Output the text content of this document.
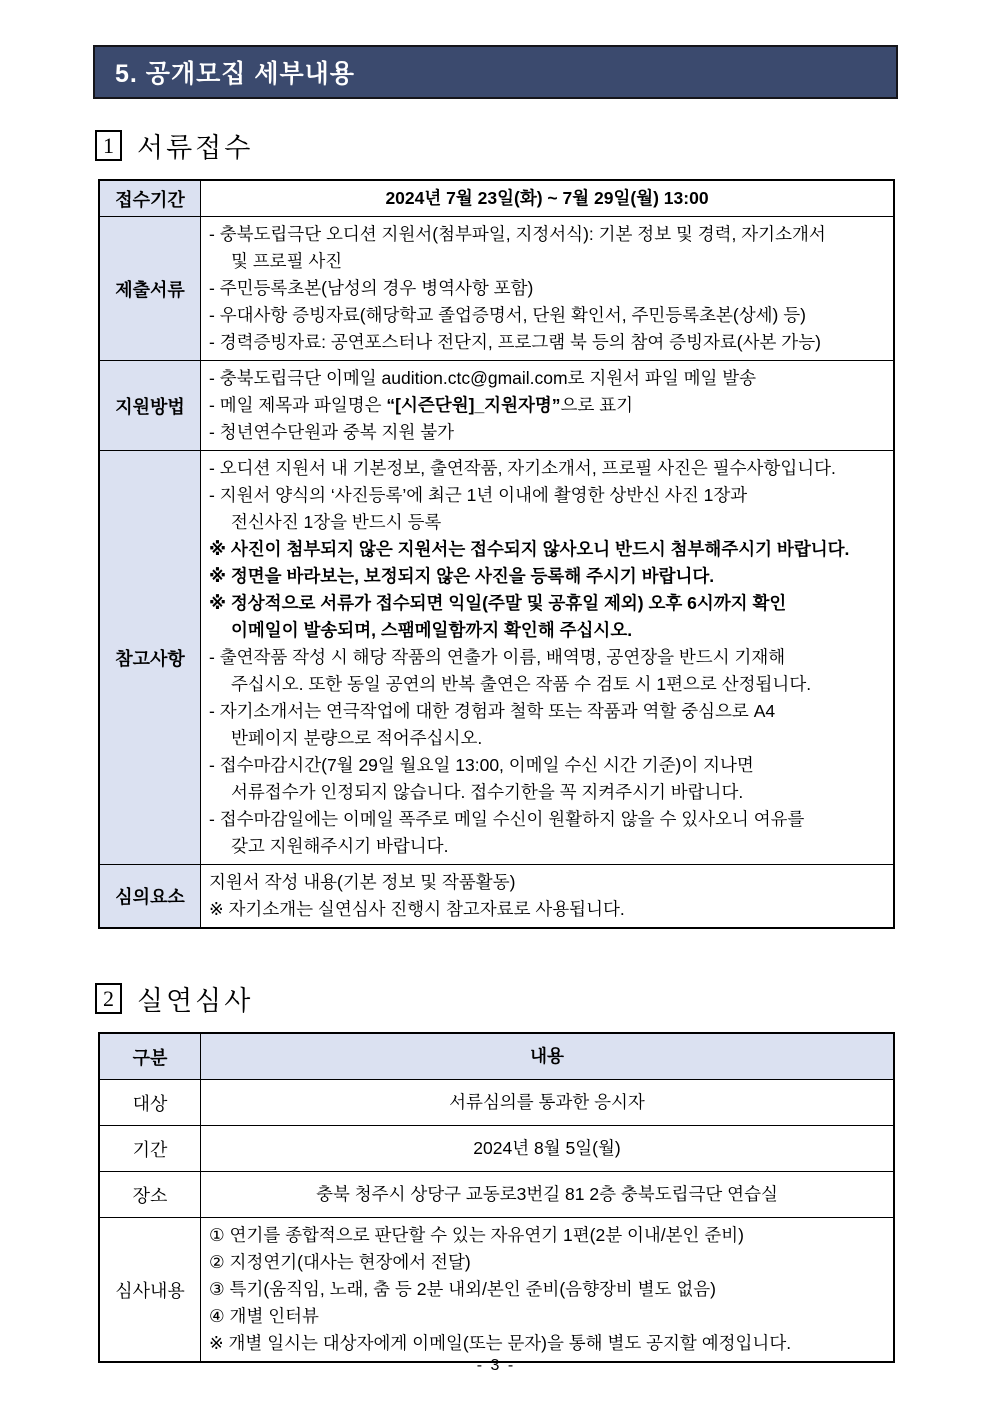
5. 공개모집 세부내용
1 서류접수
접수기간	2024년 7월 23일(화) ~ 7월 29일(월) 13:00

제출서류	- 충북도립극단 오디션 지원서(첨부파일, 지정서식): 기본 정보 및 경력, 자기소개서
및 프로필 사진
- 주민등록초본(남성의 경우 병역사항 포함)
- 우대사항 증빙자료(해당학교 졸업증명서, 단원 확인서, 주민등록초본(상세) 등)
- 경력증빙자료: 공연포스터나 전단지, 프로그램 북 등의 참여 증빙자료(사본 가능)

지원방법	- 충북도립극단 이메일 audition.ctc@gmail.com로 지원서 파일 메일 발송
- 메일 제목과 파일명은 “[시즌단원]_지원자명”으로 표기
- 청년연수단원과 중복 지원 불가

참고사항	
- 오디션 지원서 내 기본정보, 출연작품, 자기소개서, 프로필 사진은 필수사항입니다.
- 지원서 양식의 ‘사진등록’에 최근 1년 이내에 촬영한 상반신 사진 1장과
전신사진 1장을 반드시 등록
※ 사진이 첨부되지 않은 지원서는 접수되지 않사오니 반드시 첨부해주시기 바랍니다.
※ 정면을 바라보는, 보정되지 않은 사진을 등록해 주시기 바랍니다.
※ 정상적으로 서류가 접수되면 익일(주말 및 공휴일 제외) 오후 6시까지 확인
이메일이 발송되며, 스팸메일함까지 확인해 주십시오.
- 출연작품 작성 시 해당 작품의 연출가 이름, 배역명, 공연장을 반드시 기재해
주십시오. 또한 동일 공연의 반복 출연은 작품 수 검토 시 1편으로 산정됩니다.
- 자기소개서는 연극작업에 대한 경험과 철학 또는 작품과 역할 중심으로 A4
반페이지 분량으로 적어주십시오.
- 접수마감시간(7월 29일 월요일 13:00, 이메일 수신 시간 기준)이 지나면
서류접수가 인정되지 않습니다. 접수기한을 꼭 지켜주시기 바랍니다.
- 접수마감일에는 이메일 폭주로 메일 수신이 원활하지 않을 수 있사오니 여유를
갖고 지원해주시기 바랍니다.

심의요소	지원서 작성 내용(기본 정보 및 작품활동)
※ 자기소개는 실연심사 진행시 참고자료로 사용됩니다.
2 실연심사
구분	내용

대상	서류심의를 통과한 응시자

기간	2024년 8월 5일(월)

장소	충북 청주시 상당구 교동로3번길 81 2층 충북도립극단 연습실

심사내용	① 연기를 종합적으로 판단할 수 있는 자유연기 1편(2분 이내/본인 준비)
② 지정연기(대사는 현장에서 전달)
③ 특기(움직임, 노래, 춤 등 2분 내외/본인 준비(음향장비 별도 없음)
④ 개별 인터뷰
※ 개별 일시는 대상자에게 이메일(또는 문자)을 통해 별도 공지할 예정입니다.
- 3 -
